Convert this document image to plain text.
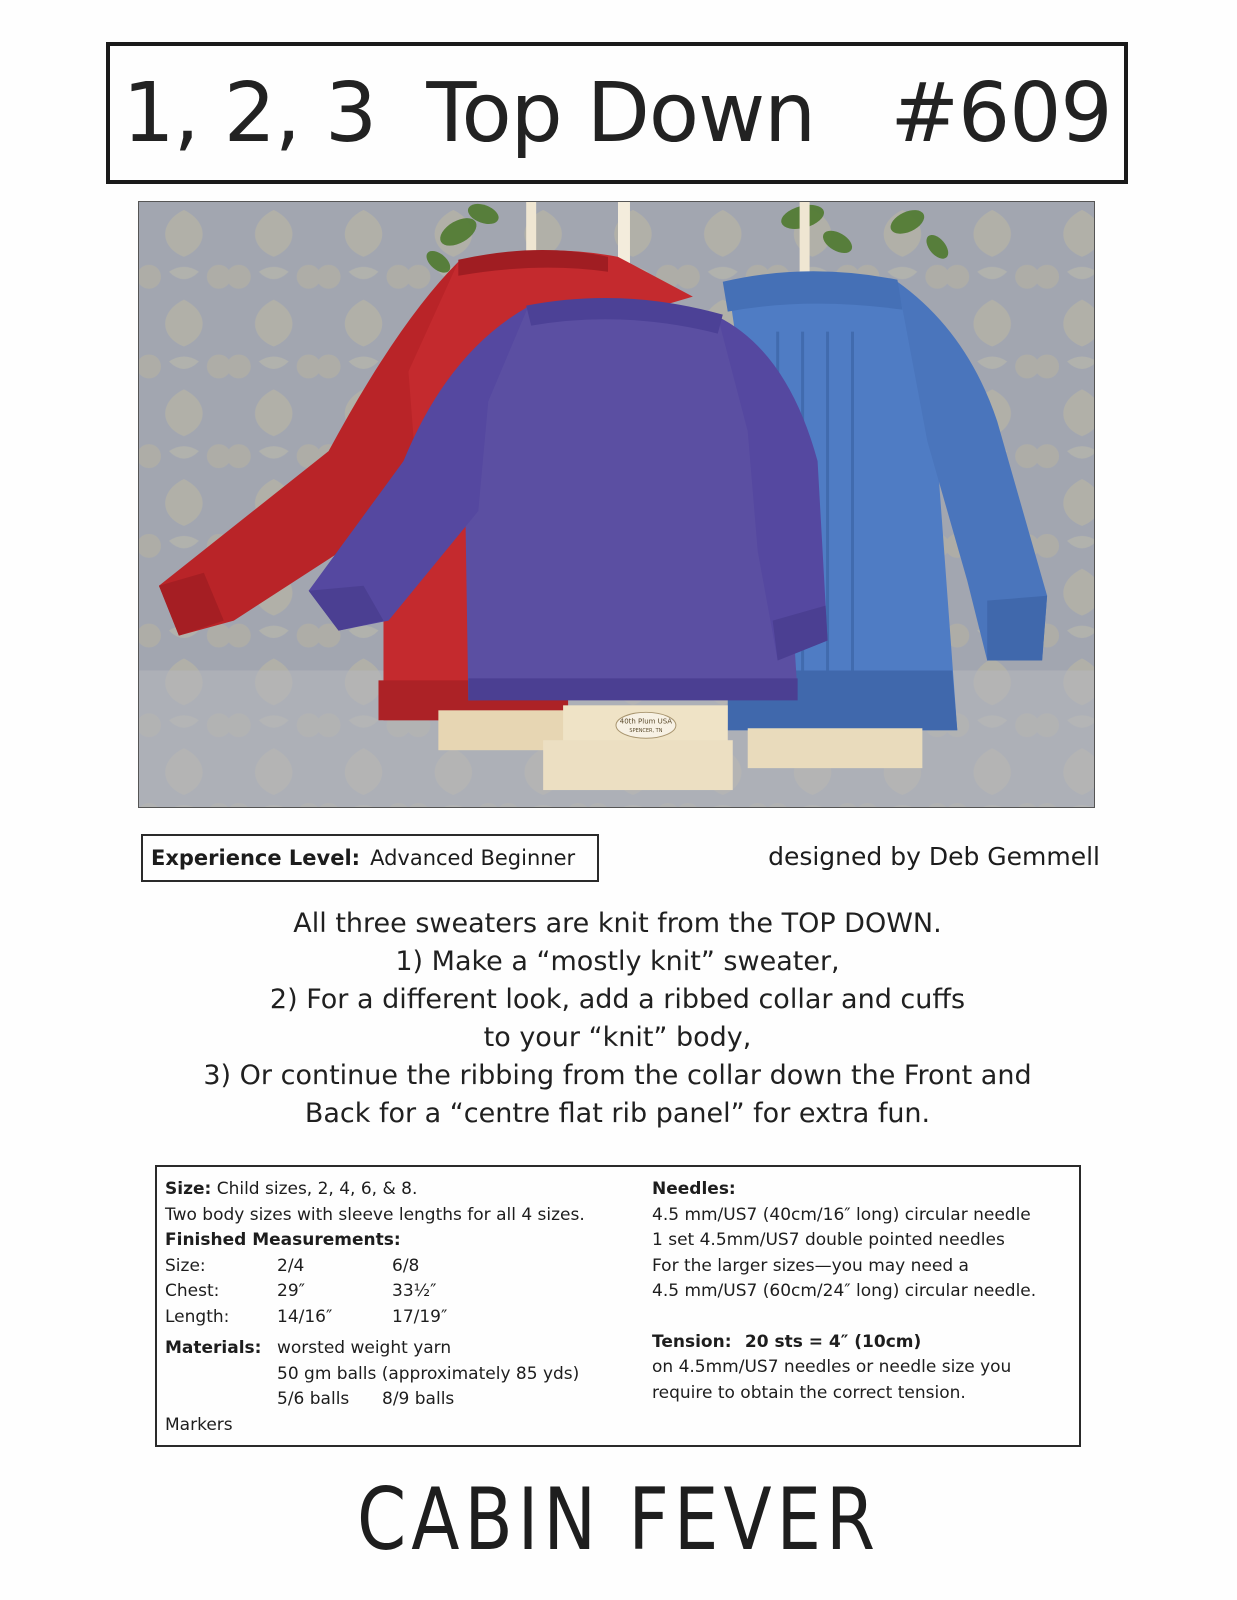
1, 2, 3  Top Down   #609
40th Plum USA
SPENCER, TN
Experience Level: Advanced Beginner	designed by Deb Gemmell
All three sweaters are knit from the TOP DOWN.
1) Make a “mostly knit” sweater,
2) For a different look, add a ribbed collar and cuffs
to your “knit” body,
3) Or continue the ribbing from the collar down the Front and
Back for a “centre flat rib panel” for extra fun.
Size: Child sizes, 2, 4, 6, & 8.
Two body sizes with sleeve lengths for all 4 sizes.
Finished Measurements:
Size:	2/4	6/8
Chest:	29″	33½″
Length:	14/16″	17/19″
Materials: worsted weight yarn
50 gm balls (approximately 85 yds)
5/6 balls	8/9 balls
Markers
Needles:
4.5 mm/US7 (40cm/16″ long) circular needle
1 set 4.5mm/US7 double pointed needles
For the larger sizes—you may need a
4.5 mm/US7 (60cm/24″ long) circular needle.
Tension: 20 sts = 4″ (10cm)
on 4.5mm/US7 needles or needle size you
require to obtain the correct tension.
CABIN FEVER
